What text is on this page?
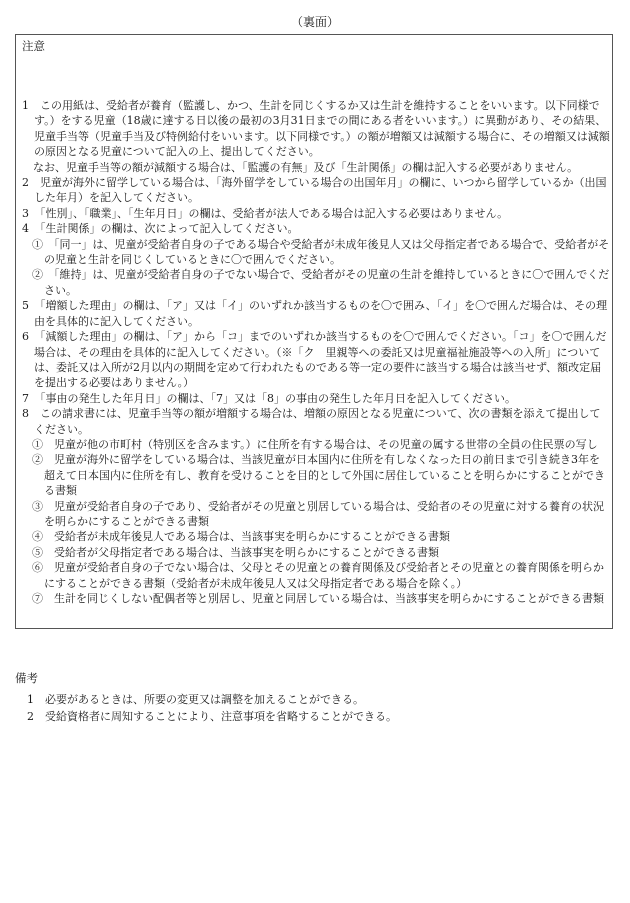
（裏面）
注意

1　この用紙は、受給者が養育（監護し、かつ、生計を同じくするか又は生計を維持することをいいます。以下同様です。）をする児童（18歳に達する日以後の最初の3月31日までの間にある者をいいます。）に異動があり、その結果、児童手当等（児童手当及び特例給付をいいます。以下同様です。）の額が増額又は減額する場合に、その増額又は減額の原因となる児童について記入の上、提出してください。

なお、児童手当等の額が減額する場合は、「監護の有無」及び「生計関係」の欄は記入する必要がありません。

2　児童が海外に留学している場合は、「海外留学をしている場合の出国年月」の欄に、いつから留学しているか（出国した年月）を記入してください。

3　「性別」、「職業」、「生年月日」の欄は、受給者が法人である場合は記入する必要はありません。

4　「生計関係」の欄は、次によって記入してください。

①　「同一」は、児童が受給者自身の子である場合や受給者が未成年後見人又は父母指定者である場合で、受給者がその児童と生計を同じくしているときに〇で囲んでください。

②　「維持」は、児童が受給者自身の子でない場合で、受給者がその児童の生計を維持しているときに〇で囲んでください。

5　「増額した理由」の欄は、「ア」又は「イ」のいずれか該当するものを〇で囲み、「イ」を〇で囲んだ場合は、その理由を具体的に記入してください。

6　「減額した理由」の欄は、「ア」から「コ」までのいずれか該当するものを〇で囲んでください。「コ」を〇で囲んだ場合は、その理由を具体的に記入してください。（※「ク　里親等への委託又は児童福祉施設等への入所」については、委託又は入所が2月以内の期間を定めて行われたものである等一定の要件に該当する場合は該当せず、額改定届を提出する必要はありません。）

7　「事由の発生した年月日」の欄は、「7」又は「8」の事由の発生した年月日を記入してください。

8　この請求書には、児童手当等の額が増額する場合は、増額の原因となる児童について、次の書類を添えて提出してください。

①　児童が他の市町村（特別区を含みます。）に住所を有する場合は、その児童の属する世帯の全員の住民票の写し

②　児童が海外に留学をしている場合は、当該児童が日本国内に住所を有しなくなった日の前日まで引き続き3年を超えて日本国内に住所を有し、教育を受けることを目的として外国に居住していることを明らかにすることができる書類

③　児童が受給者自身の子であり、受給者がその児童と別居している場合は、受給者のその児童に対する養育の状況を明らかにすることができる書類

④　受給者が未成年後見人である場合は、当該事実を明らかにすることができる書類

⑤　受給者が父母指定者である場合は、当該事実を明らかにすることができる書類

⑥　児童が受給者自身の子でない場合は、父母とその児童との養育関係及び受給者とその児童との養育関係を明らかにすることができる書類（受給者が未成年後見人又は父母指定者である場合を除く。）

⑦　生計を同じくしない配偶者等と別居し、児童と同居している場合は、当該事実を明らかにすることができる書類

備考

1　必要があるときは、所要の変更又は調整を加えることができる。

2　受給資格者に周知することにより、注意事項を省略することができる。
